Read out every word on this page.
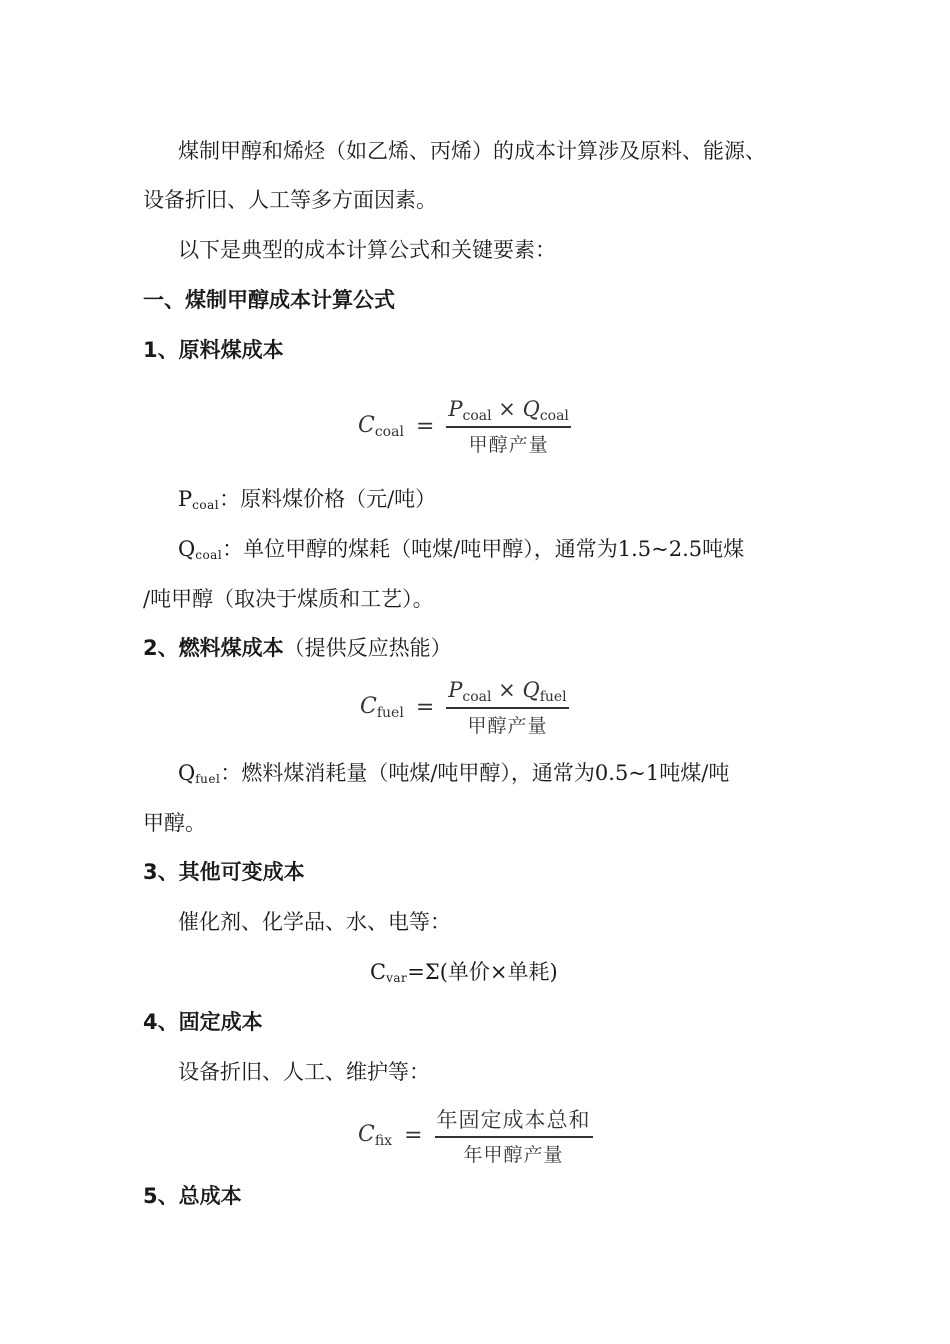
煤制甲醇和烯烃（如乙烯、丙烯）的成本计算涉及原料、能源、
设备折旧、人工等多方面因素。
以下是典型的成本计算公式和关键要素：
一、煤制甲醇成本计算公式
1、原料煤成本
Ccoal = $\frac{\text{Pcoal × Qcoal}}{\text{甲醇产量}}$
$P_{coal}$：原料煤价格（元/吨）
$Q_{coal}$：单位甲醇的煤耗（吨煤/吨甲醇），通常为1.5~2.5吨煤
/吨甲醇（取决于煤质和工艺）。
2、燃料煤成本（提供反应热能）
Cfuel = $\frac{\text{Pcoal × Qfuel}}{\text{甲醇产量}}$
$Q_{fuel}$：燃料煤消耗量（吨煤/吨甲醇），通常为0.5~1吨煤/吨
甲醇。
3、其他可变成本
催化剂、化学品、水、电等：
$C_{var}=\Sigma$(单价×单耗)
4、固定成本
设备折旧、人工、维护等：
Cfix = $\frac{\text{年固定成本总和}}{\text{年甲醇产量}}$
5、总成本
